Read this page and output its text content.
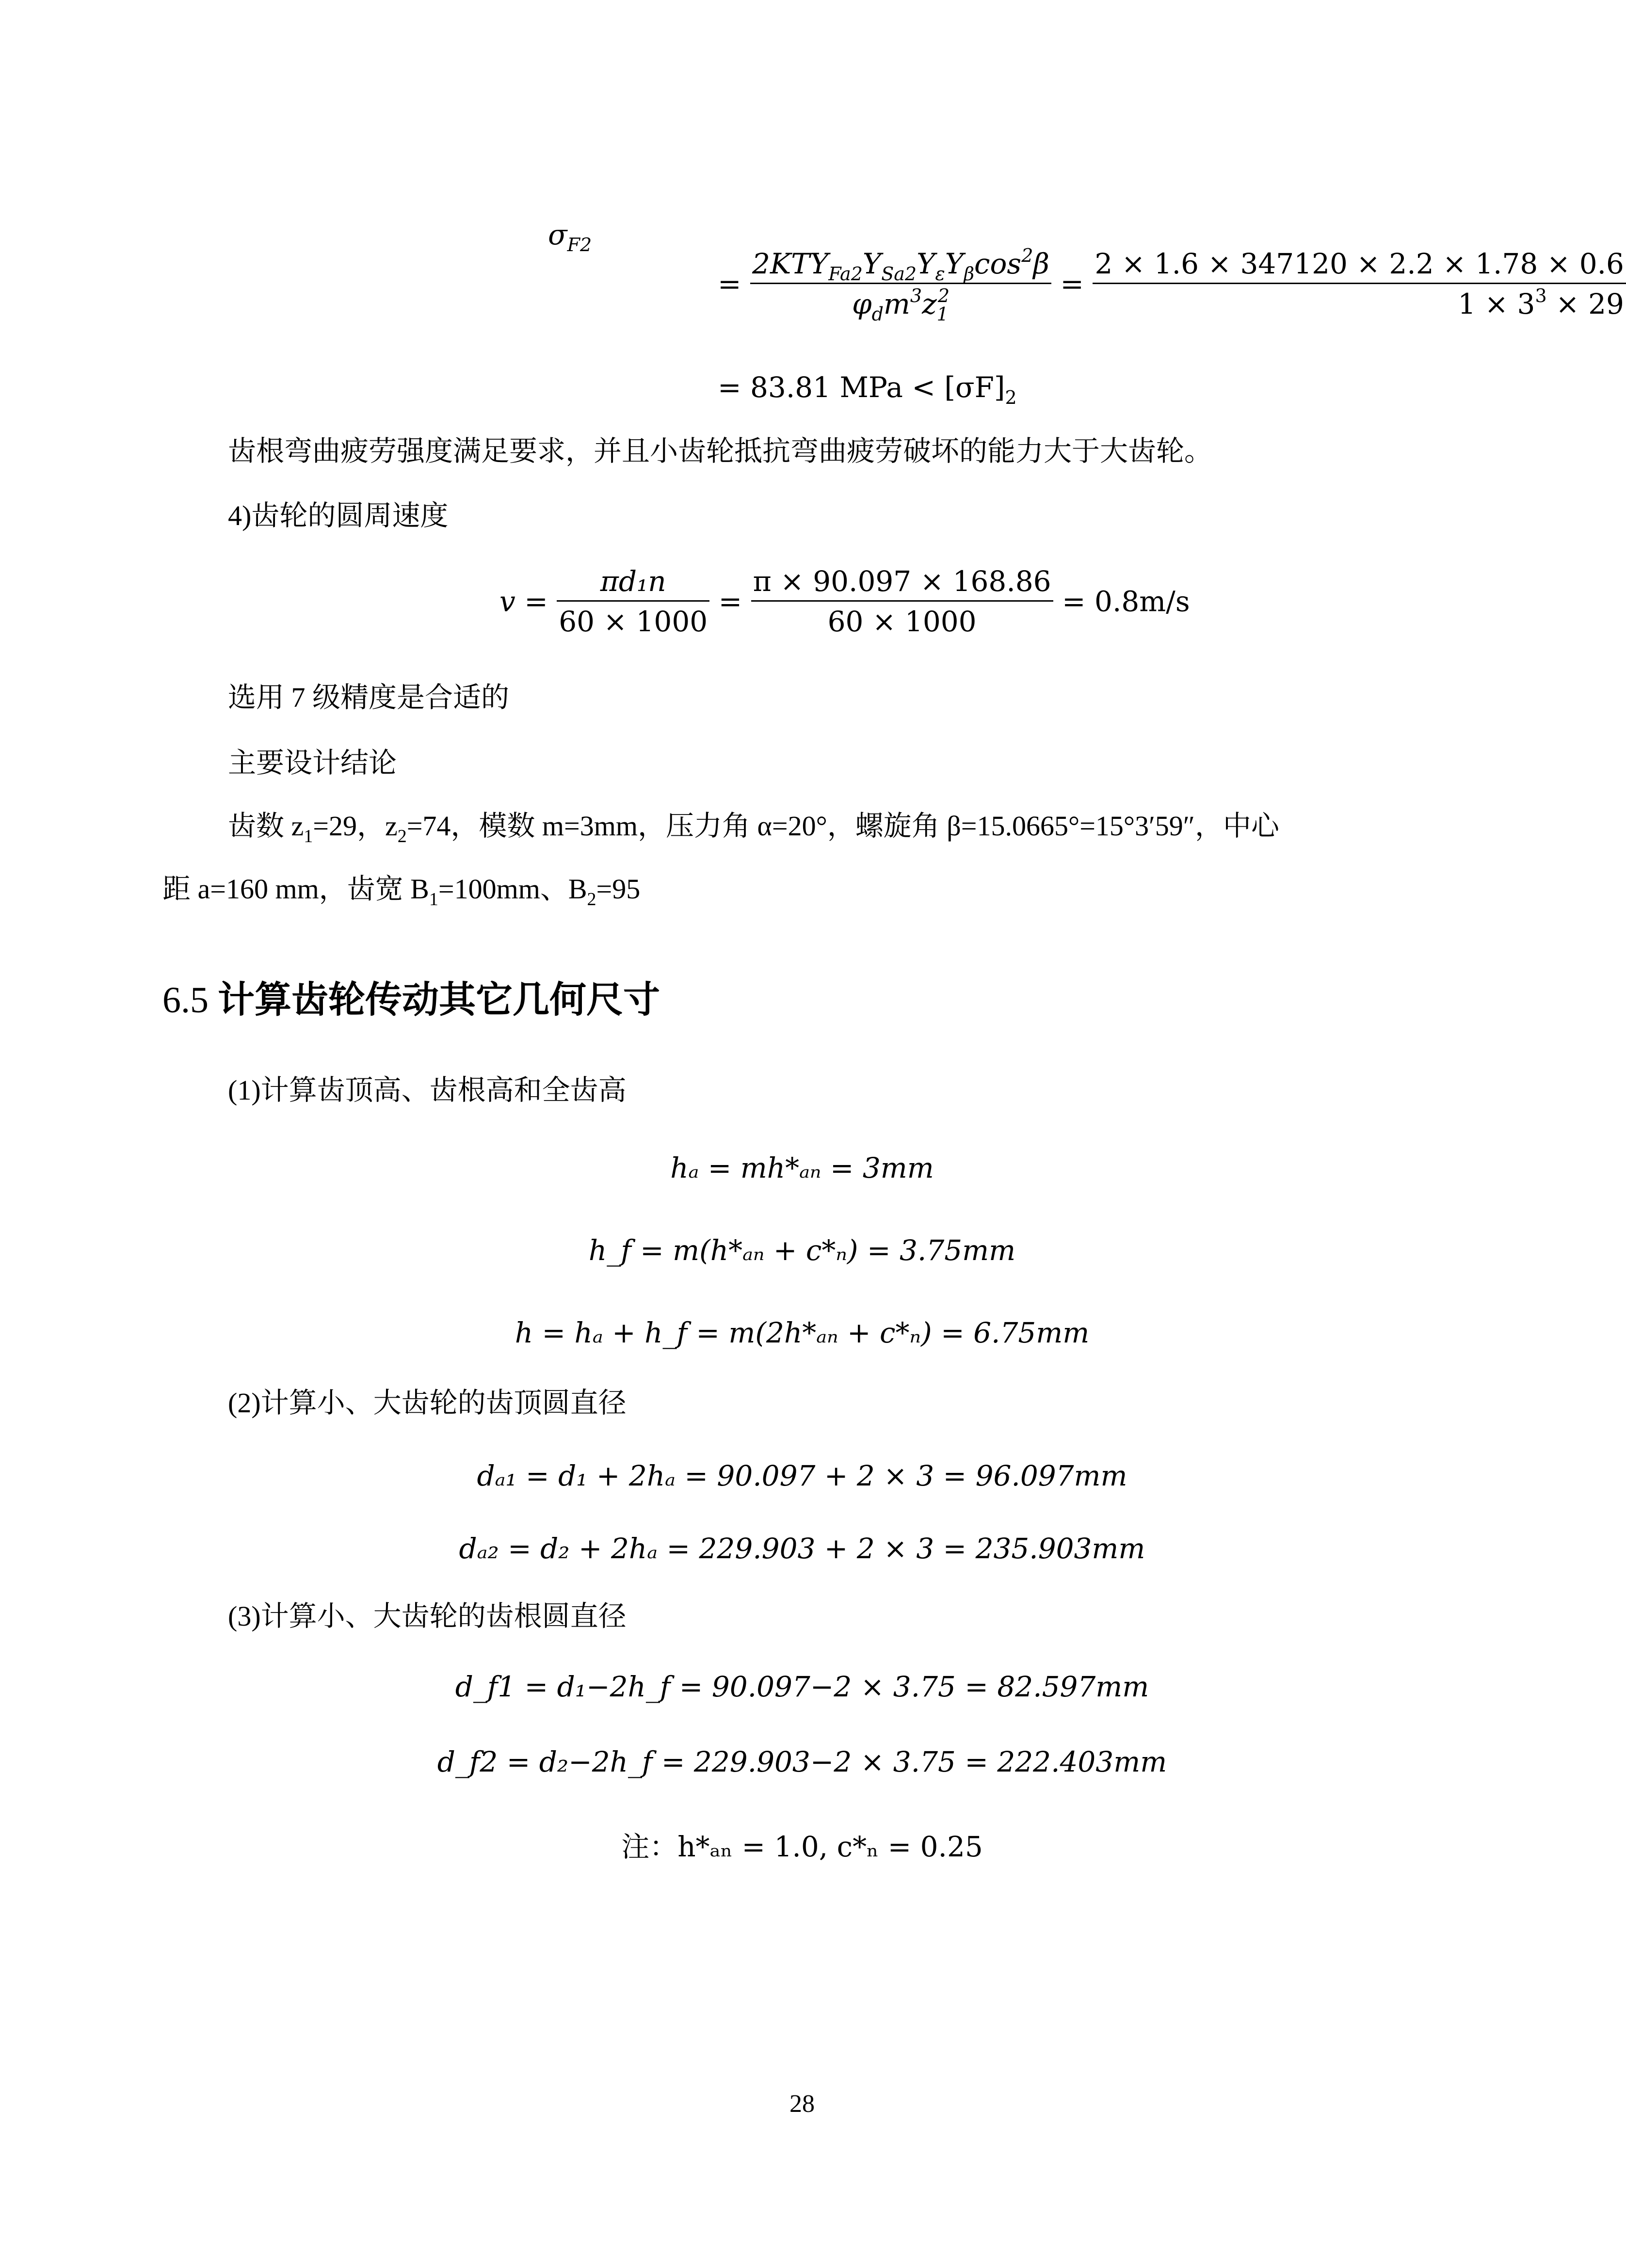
$\sigma_{F2}$
= $\frac{2KTY_{Fa2}Y_{Sa2}Y_\varepsilon Y_\beta\cos^2\beta}{\varphi_dm^3z_1^2} = \frac{2 \times 1.6 \times 347120 \times 2.2 \times 1.78 \times 0.6}{1 \times 3^3 \times 29}$
= 83.81 MPa < $[\sigma F]_2$
齿根弯曲疲劳强度满足要求，并且小齿轮抵抗弯曲疲劳破坏的能力大于大齿轮。
4)齿轮的圆周速度
$v = \frac{\text{πd₁n}}{60 \times 1000} = \frac{\pi \times 90.097 \times 168.86}{60 \times 1000} = 0.8m/s$
选用 7 级精度是合适的
主要设计结论
齿数 $z_1=29$，$z_2=74$，模数 m=3mm，压力角 α=20°，螺旋角 β=15.0665°=15°3′59″，中心
距 a=160 mm，齿宽 $B_1=100mm$、$B_2=95$
6.5 计算齿轮传动其它几何尺寸
(1)计算齿顶高、齿根高和全齿高
hₐ = mh*ₐₙ = 3mm
h_f = m(h*ₐₙ + c*ₙ) = 3.75mm
h = hₐ + h_f = m(2h*ₐₙ + c*ₙ) = 6.75mm
(2)计算小、大齿轮的齿顶圆直径
dₐ₁ = d₁ + 2hₐ = 90.097 + 2 × 3 = 96.097mm
dₐ₂ = d₂ + 2hₐ = 229.903 + 2 × 3 = 235.903mm
(3)计算小、大齿轮的齿根圆直径
d_f1 = d₁−2h_f = 90.097−2 × 3.75 = 82.597mm
d_f2 = d₂−2h_f = 229.903−2 × 3.75 = 222.403mm
注：h*ₐₙ = 1.0, c*ₙ = 0.25
28
